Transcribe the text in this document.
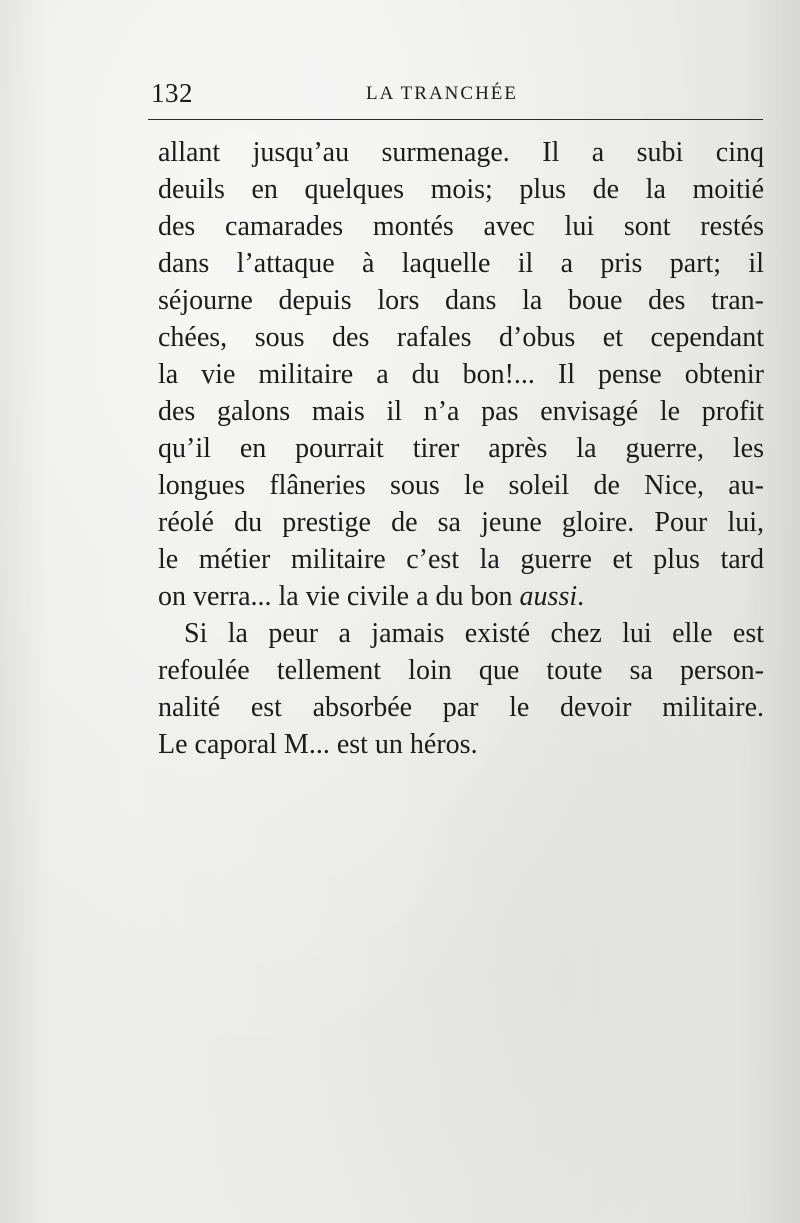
132	LA TRANCHÉE
allant jusqu’au surmenage. Il a subi cinq
deuils en quelques mois; plus de la moitié
des camarades montés avec lui sont restés
dans l’attaque à laquelle il a pris part; il
séjourne depuis lors dans la boue des tran-
chées, sous des rafales d’obus et cependant
la vie militaire a du bon!... Il pense obtenir
des galons mais il n’a pas envisagé le profit
qu’il en pourrait tirer après la guerre, les
longues flâneries sous le soleil de Nice, au-
réolé du prestige de sa jeune gloire. Pour lui,
le métier militaire c’est la guerre et plus tard
on verra... la vie civile a du bon aussi.
Si la peur a jamais existé chez lui elle est
refoulée tellement loin que toute sa person-
nalité est absorbée par le devoir militaire.
Le caporal M... est un héros.
